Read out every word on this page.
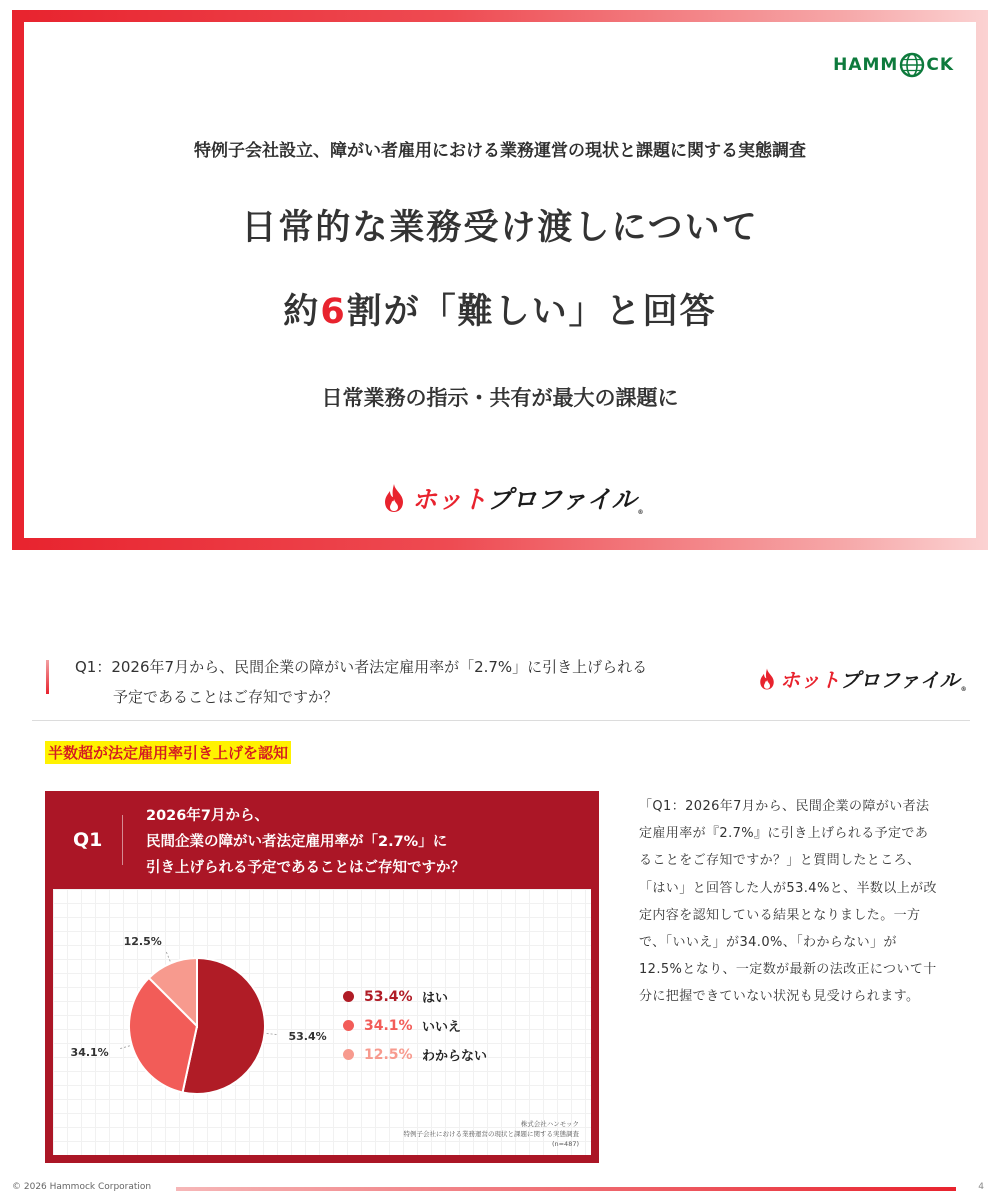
HAMM CK
特例子会社設立、障がい者雇用における業務運営の現状と課題に関する実態調査
日常的な業務受け渡しについて
約6割が「難しい」と回答
日常業務の指示・共有が最大の課題に
ホット プロファイル ®
Q1：2026年7月から、民間企業の障がい者法定雇用率が「2.7%」に引き上げられる
予定であることはご存知ですか？
ホット プロファイル ®
半数超が法定雇用率引き上げを認知
Q1
2026年7月から、
民間企業の障がい者法定雇用率が「2.7%」に
引き上げられる予定であることはご存知ですか？
53.4%
34.1%
12.5%
53.4% はい
34.1% いいえ
12.5% わからない
株式会社ハンモック
特例子会社における業務運営の現状と課題に関する実態調査
(n=487)
「Q1：2026年7月から、民間企業の障がい者法定雇用率が『2.7%』に引き上げられる予定であることをご存知ですか？」と質問したところ、「はい」と回答した人が53.4%と、半数以上が改定内容を認知している結果となりました。一方で、「いいえ」が34.0%、「わからない」が12.5%となり、一定数が最新の法改正について十分に把握できていない状況も見受けられます。
© 2026 Hammock Corporation	4
